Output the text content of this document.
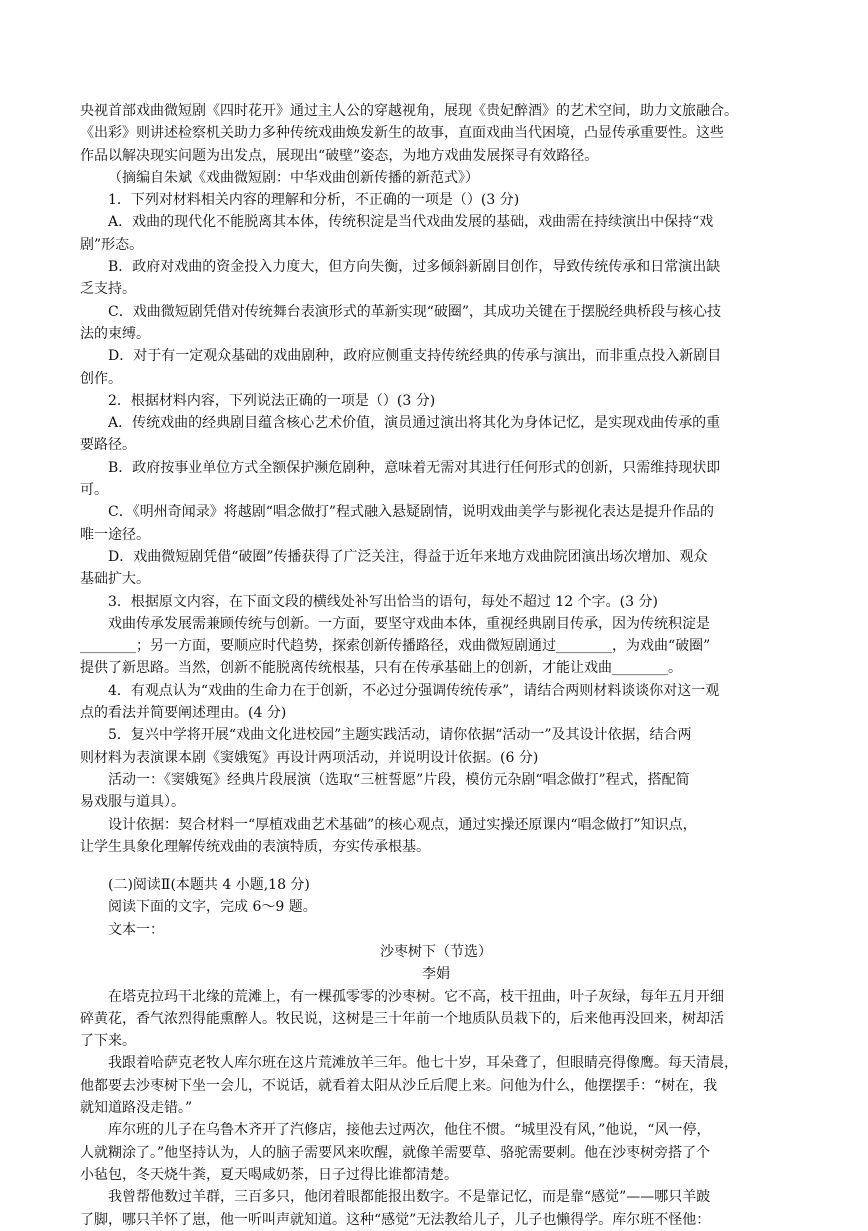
央视首部戏曲微短剧《四时花开》通过主人公的穿越视角，展现《贵妃醉酒》的艺术空间，助力文旅融合。
《出彩》则讲述检察机关助力多种传统戏曲焕发新生的故事，直面戏曲当代困境，凸显传承重要性。这些
作品以解决现实问题为出发点，展现出“破壁”姿态，为地方戏曲发展探寻有效路径。
（摘编自朱斌《戏曲微短剧：中华戏曲创新传播的新范式》）
1．下列对材料相关内容的理解和分析，不正确的一项是（）(3 分)
A．戏曲的现代化不能脱离其本体，传统积淀是当代戏曲发展的基础，戏曲需在持续演出中保持“戏
剧”形态。
B．政府对戏曲的资金投入力度大，但方向失衡，过多倾斜新剧目创作，导致传统传承和日常演出缺
乏支持。
C．戏曲微短剧凭借对传统舞台表演形式的革新实现“破圈”，其成功关键在于摆脱经典桥段与核心技
法的束缚。
D．对于有一定观众基础的戏曲剧种，政府应侧重支持传统经典的传承与演出，而非重点投入新剧目
创作。
2．根据材料内容，下列说法正确的一项是（）(3 分)
A．传统戏曲的经典剧目蕴含核心艺术价值，演员通过演出将其化为身体记忆，是实现戏曲传承的重
要路径。
B．政府按事业单位方式全额保护濒危剧种，意味着无需对其进行任何形式的创新，只需维持现状即
可。
C．《明州奇闻录》将越剧“唱念做打”程式融入悬疑剧情，说明戏曲美学与影视化表达是提升作品的
唯一途径。
D．戏曲微短剧凭借“破圈”传播获得了广泛关注，得益于近年来地方戏曲院团演出场次增加、观众
基础扩大。
3．根据原文内容，在下面文段的横线处补写出恰当的语句，每处不超过 12 个字。(3 分)
戏曲传承发展需兼顾传统与创新。一方面，要坚守戏曲本体，重视经典剧目传承，因为传统积淀是
________；另一方面，要顺应时代趋势，探索创新传播路径，戏曲微短剧通过________，为戏曲“破圈”
提供了新思路。当然，创新不能脱离传统根基，只有在传承基础上的创新，才能让戏曲________。
4．有观点认为“戏曲的生命力在于创新，不必过分强调传统传承”，请结合两则材料谈谈你对这一观
点的看法并简要阐述理由。(4 分)
5．复兴中学将开展“戏曲文化进校园”主题实践活动，请你依据“活动一”及其设计依据，结合两
则材料为表演课本剧《窦娥冤》再设计两项活动，并说明设计依据。(6 分)
活动一：《窦娥冤》经典片段展演（选取“三桩誓愿”片段，模仿元杂剧“唱念做打”程式，搭配简
易戏服与道具）。
设计依据：契合材料一“厚植戏曲艺术基础”的核心观点，通过实操还原课内“唱念做打”知识点，
让学生具象化理解传统戏曲的表演特质，夯实传承根基。
(二)阅读Ⅱ(本题共 4 小题,18 分)
阅读下面的文字，完成 6～9 题。
文本一：
沙枣树下（节选）
李娟
在塔克拉玛干北缘的荒滩上，有一棵孤零零的沙枣树。它不高，枝干扭曲，叶子灰绿，每年五月开细
碎黄花，香气浓烈得能熏醉人。牧民说，这树是三十年前一个地质队员栽下的，后来他再没回来，树却活
了下来。
我跟着哈萨克老牧人库尔班在这片荒滩放羊三年。他七十岁，耳朵聋了，但眼睛亮得像鹰。每天清晨，
他都要去沙枣树下坐一会儿，不说话，就看着太阳从沙丘后爬上来。问他为什么，他摆摆手：“树在，我
就知道路没走错。”
库尔班的儿子在乌鲁木齐开了汽修店，接他去过两次，他住不惯。“城里没有风，”他说，“风一停，
人就糊涂了。”他坚持认为，人的脑子需要风来吹醒，就像羊需要草、骆驼需要刺。他在沙枣树旁搭了个
小毡包，冬天烧牛粪，夏天喝咸奶茶，日子过得比谁都清楚。
我曾帮他数过羊群，三百多只，他闭着眼都能报出数字。不是靠记忆，而是靠“感觉”——哪只羊跛
了脚，哪只羊怀了崽，他一听叫声就知道。这种“感觉”无法教给儿子，儿子也懒得学。库尔班不怪他：
